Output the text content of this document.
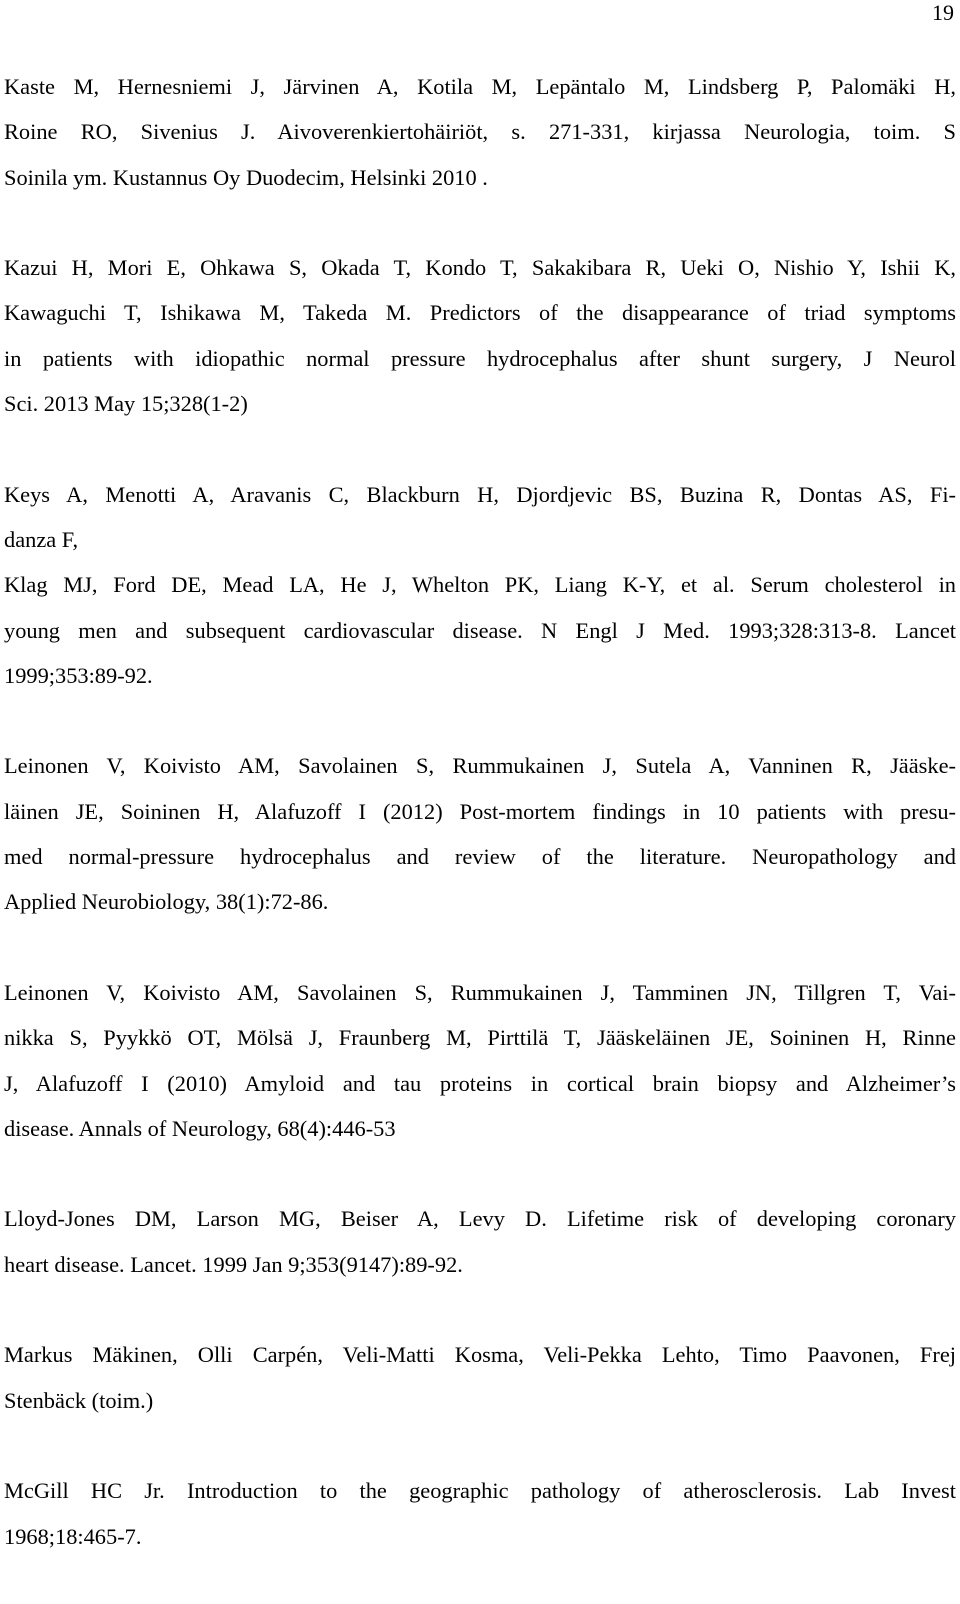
19
Kaste M, Hernesniemi J, Järvinen A, Kotila M, Lepäntalo M, Lindsberg P, Palomäki H,
Roine RO, Sivenius J. Aivoverenkiertohäiriöt, s. 271-331, kirjassa Neurologia, toim. S
Soinila ym. Kustannus Oy Duodecim, Helsinki 2010 .
Kazui H, Mori E, Ohkawa S, Okada T, Kondo T, Sakakibara R, Ueki O, Nishio Y, Ishii K,
Kawaguchi T, Ishikawa M, Takeda M. Predictors of the disappearance of triad symptoms
in patients with idiopathic normal pressure hydrocephalus after shunt surgery, J Neurol
Sci. 2013 May 15;328(1-2)
Keys A, Menotti A, Aravanis C, Blackburn H, Djordjevic BS, Buzina R, Dontas AS, Fi-
danza F,
Klag MJ, Ford DE, Mead LA, He J, Whelton PK, Liang K-Y, et al. Serum cholesterol in
young men and subsequent cardiovascular disease. N Engl J Med. 1993;328:313-8. Lancet
1999;353:89-92.
Leinonen V, Koivisto AM, Savolainen S, Rummukainen J, Sutela A, Vanninen R, Jääske-
läinen JE, Soininen H, Alafuzoff I (2012) Post-mortem findings in 10 patients with presu-
med normal-pressure hydrocephalus and review of the literature. Neuropathology and
Applied Neurobiology, 38(1):72-86.
Leinonen V, Koivisto AM, Savolainen S, Rummukainen J, Tamminen JN, Tillgren T, Vai-
nikka S, Pyykkö OT, Mölsä J, Fraunberg M, Pirttilä T, Jääskeläinen JE, Soininen H, Rinne
J, Alafuzoff I (2010) Amyloid and tau proteins in cortical brain biopsy and Alzheimer’s
disease. Annals of Neurology, 68(4):446-53
Lloyd-Jones DM, Larson MG, Beiser A, Levy D. Lifetime risk of developing coronary
heart disease. Lancet. 1999 Jan 9;353(9147):89-92.
Markus Mäkinen, Olli Carpén, Veli-Matti Kosma, Veli-Pekka Lehto, Timo Paavonen, Frej
Stenbäck (toim.)
McGill HC Jr. Introduction to the geographic pathology of atherosclerosis. Lab Invest
1968;18:465-7.
